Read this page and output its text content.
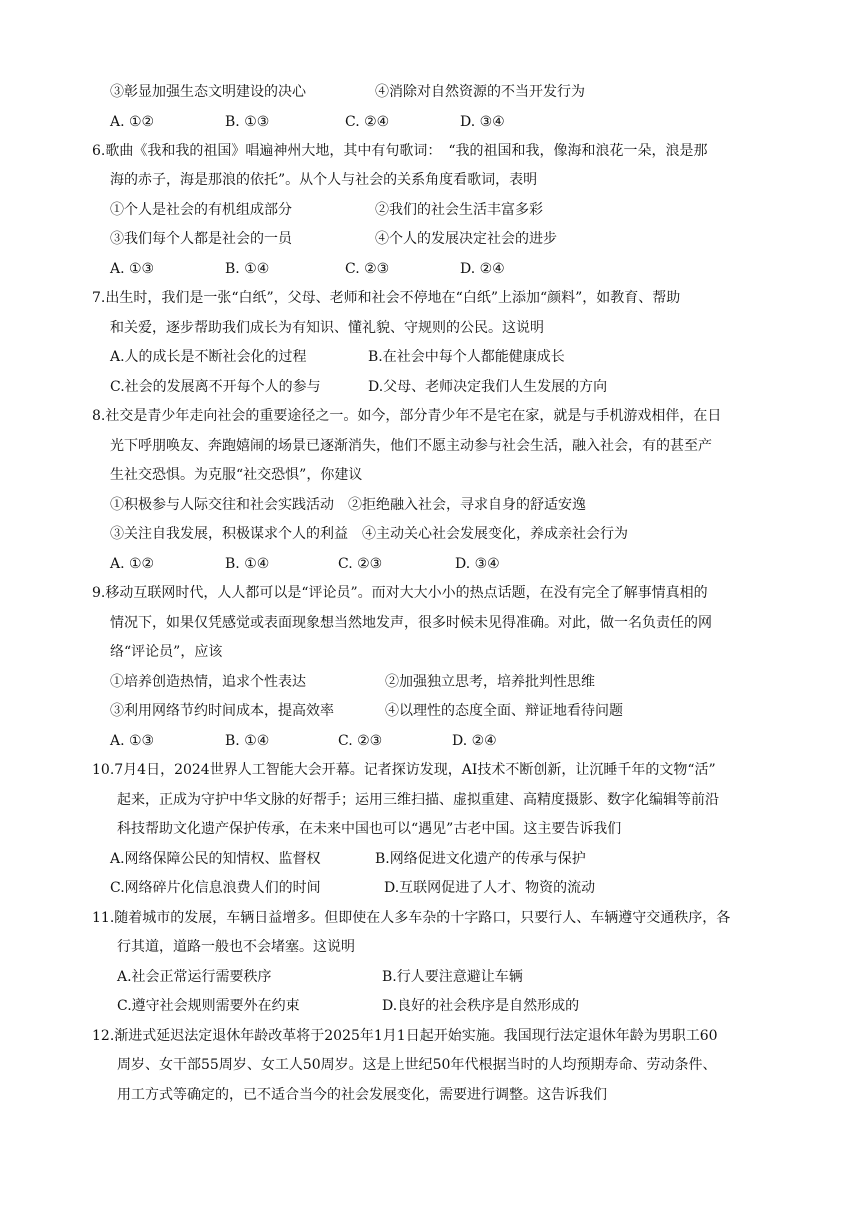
③彰显加强生态文明建设的决心	④消除对自然资源的不当开发行为
A. ①②	B. ①③	C. ②④	D. ③④
6.歌曲《我和我的祖国》唱遍神州大地，其中有句歌词：　“我的祖国和我，像海和浪花一朵，浪是那
海的赤子，海是那浪的依托”。从个人与社会的关系角度看歌词，表明
①个人是社会的有机组成部分	②我们的社会生活丰富多彩
③我们每个人都是社会的一员	④个人的发展决定社会的进步
A. ①③	B. ①④	C. ②③	D. ②④
7.出生时，我们是一张“白纸”，父母、老师和社会不停地在“白纸”上添加“颜料”，如教育、帮助
和关爱，逐步帮助我们成长为有知识、懂礼貌、守规则的公民。这说明
A.人的成长是不断社会化的过程	B.在社会中每个人都能健康成长
C.社会的发展离不开每个人的参与	D.父母、老师决定我们人生发展的方向
8.社交是青少年走向社会的重要途径之一。如今，部分青少年不是宅在家，就是与手机游戏相伴，在日
光下呼朋唤友、奔跑嬉闹的场景已逐渐消失，他们不愿主动参与社会生活，融入社会，有的甚至产
生社交恐惧。为克服“社交恐惧”，你建议
①积极参与人际交往和社会实践活动　②拒绝融入社会，寻求自身的舒适安逸
③关注自我发展，积极谋求个人的利益　④主动关心社会发展变化，养成亲社会行为
A. ①②	B. ①④	C. ②③	D. ③④
9.移动互联网时代，人人都可以是“评论员”。而对大大小小的热点话题，在没有完全了解事情真相的
情况下，如果仅凭感觉或表面现象想当然地发声，很多时候未见得准确。对此，做一名负责任的网
络“评论员”，应该
①培养创造热情，追求个性表达	②加强独立思考，培养批判性思维
③利用网络节约时间成本，提高效率	④以理性的态度全面、辩证地看待问题
A. ①③	B. ①④	C. ②③	D. ②④
10.7月4日，2024世界人工智能大会开幕。记者探访发现，AI技术不断创新，让沉睡千年的文物“活”
起来，正成为守护中华文脉的好帮手；运用三维扫描、虚拟重建、高精度摄影、数字化编辑等前沿
科技帮助文化遗产保护传承，在未来中国也可以“遇见”古老中国。这主要告诉我们
A.网络保障公民的知情权、监督权	B.网络促进文化遗产的传承与保护
C.网络碎片化信息浪费人们的时间	D.互联网促进了人才、物资的流动
11.随着城市的发展，车辆日益增多。但即使在人多车杂的十字路口，只要行人、车辆遵守交通秩序，各
行其道，道路一般也不会堵塞。这说明
A.社会正常运行需要秩序	B.行人要注意避让车辆
C.遵守社会规则需要外在约束	D.良好的社会秩序是自然形成的
12.渐进式延迟法定退休年龄改革将于2025年1月1日起开始实施。我国现行法定退休年龄为男职工60
周岁、女干部55周岁、女工人50周岁。这是上世纪50年代根据当时的人均预期寿命、劳动条件、
用工方式等确定的，已不适合当今的社会发展变化，需要进行调整。这告诉我们
